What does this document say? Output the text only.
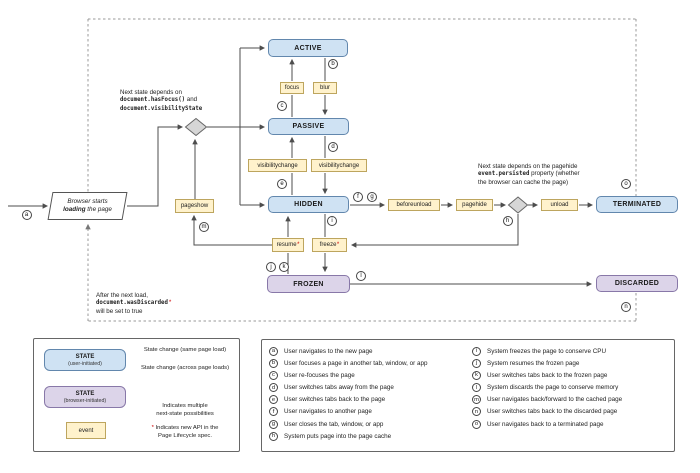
Browser starts
loading the page
ACTIVE
PASSIVE
HIDDEN
FROZEN
TERMINATED
DISCARDED
focus	blur
visibilitychange	visibilitychange
pageshow	beforeunload	pagehide	unload
resume *	freeze *
a
b
c
d
e
f	g
h
i
j	k
l
m
n
o
Next state depends on
document.hasFocus() and
document.visibilityState
Next state depends on the pagehide
event.persisted property (whether
the browser can cache the page)
After the next load,
document.wasDiscarded*
will be set to true
STATE
(user-initiated)
STATE
(browser-initiated)
event
State change (same page load)
State change (across page loads)
Indicates multiple
next-state possibilities
* Indicates new API in the
Page Lifecycle spec.
a	User navigates to the new page
b	User focuses a page in another tab, window, or app
c	User re-focuses the page
d	User switches tabs away from the page
e	User switches tabs back to the page
f	User navigates to another page
g	User closes the tab, window, or app
h	System puts page into the page cache
i	System freezes the page to conserve CPU
j	System resumes the frozen page
k	User switches tabs back to the frozen page
l	System discards the page to conserve memory
m	User navigates back/forward to the cached page
n	User switches tabs back to the discarded page
o	User navigates back to a terminated page
